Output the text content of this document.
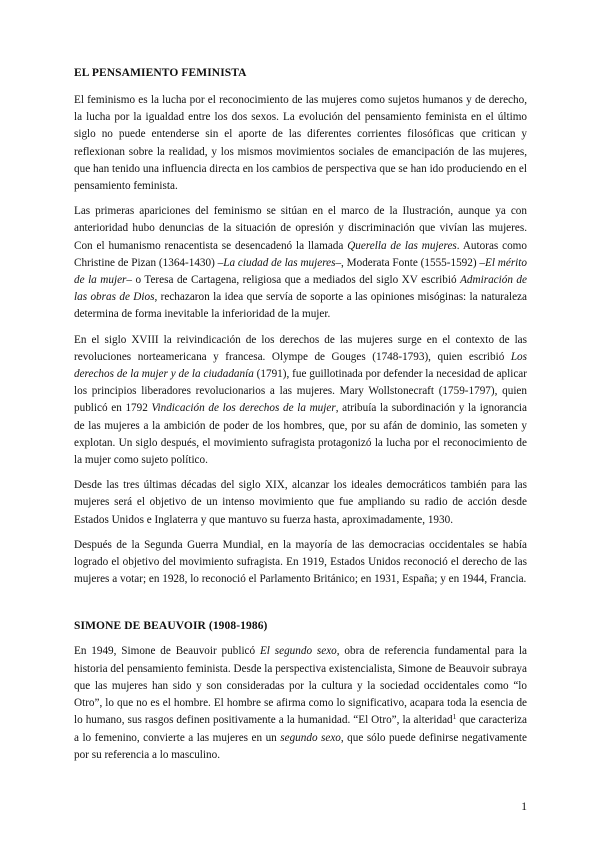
EL PENSAMIENTO FEMINISTA

El feminismo es la lucha por el reconocimiento de las mujeres como sujetos humanos y de derecho, la lucha por la igualdad entre los dos sexos. La evolución del pensamiento feminista en el último siglo no puede entenderse sin el aporte de las diferentes corrientes filosóficas que critican y reflexionan sobre la realidad, y los mismos movimientos sociales de emancipación de las mujeres, que han tenido una influencia directa en los cambios de perspectiva que se han ido produciendo en el pensamiento feminista.

Las primeras apariciones del feminismo se sitúan en el marco de la Ilustración, aunque ya con anterioridad hubo denuncias de la situación de opresión y discriminación que vivían las mujeres. Con el humanismo renacentista se desencadenó la llamada Querella de las mujeres. Autoras como Christine de Pizan (1364-1430) –La ciudad de las mujeres–, Moderata Fonte (1555-1592) –El mérito de la mujer– o Teresa de Cartagena, religiosa que a mediados del siglo XV escribió Admiración de las obras de Dios, rechazaron la idea que servía de soporte a las opiniones misóginas: la naturaleza determina de forma inevitable la inferioridad de la mujer.

En el siglo XVIII la reivindicación de los derechos de las mujeres surge en el contexto de las revoluciones norteamericana y francesa. Olympe de Gouges (1748-1793), quien escribió Los derechos de la mujer y de la ciudadanía (1791), fue guillotinada por defender la necesidad de aplicar los principios liberadores revolucionarios a las mujeres. Mary Wollstonecraft (1759-1797), quien publicó en 1792 Vindicación de los derechos de la mujer, atribuía la subordinación y la ignorancia de las mujeres a la ambición de poder de los hombres, que, por su afán de dominio, las someten y explotan. Un siglo después, el movimiento sufragista protagonizó la lucha por el reconocimiento de la mujer como sujeto político.

Desde las tres últimas décadas del siglo XIX, alcanzar los ideales democráticos también para las mujeres será el objetivo de un intenso movimiento que fue ampliando su radio de acción desde Estados Unidos e Inglaterra y que mantuvo su fuerza hasta, aproximadamente, 1930.

Después de la Segunda Guerra Mundial, en la mayoría de las democracias occidentales se había logrado el objetivo del movimiento sufragista. En 1919, Estados Unidos reconoció el derecho de las mujeres a votar; en 1928, lo reconoció el Parlamento Británico; en 1931, España; y en 1944, Francia.

SIMONE DE BEAUVOIR (1908-1986)

En 1949, Simone de Beauvoir publicó El segundo sexo, obra de referencia fundamental para la historia del pensamiento feminista. Desde la perspectiva existencialista, Simone de Beauvoir subraya que las mujeres han sido y son consideradas por la cultura y la sociedad occidentales como “lo Otro”, lo que no es el hombre. El hombre se afirma como lo significativo, acapara toda la esencia de lo humano, sus rasgos definen positivamente a la humanidad. “El Otro”, la alteridad$^1$ que caracteriza a lo femenino, convierte a las mujeres en un segundo sexo, que sólo puede definirse negativamente por su referencia a lo masculino.

1
